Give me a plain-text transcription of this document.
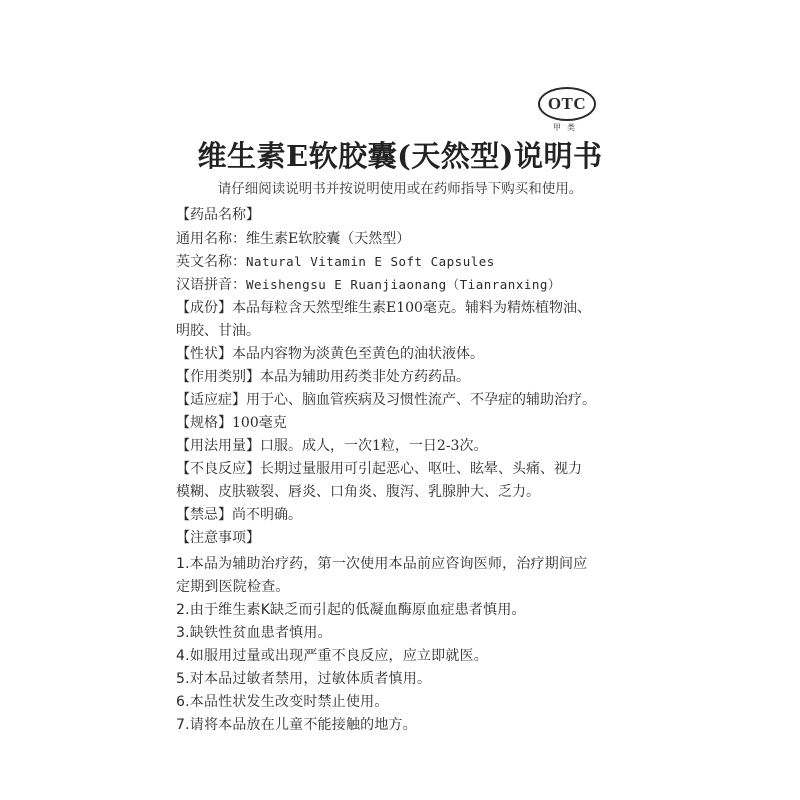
OTC
甲类
维生素E软胶囊(天然型)说明书
请仔细阅读说明书并按说明使用或在药师指导下购买和使用。
【药品名称】
通用名称：维生素E软胶囊（天然型）
英文名称：Natural Vitamin E Soft Capsules
汉语拼音：Weishengsu E Ruanjiaonang（Tianranxing）
【成份】本品每粒含天然型维生素E100毫克。辅料为精炼植物油、
明胶、甘油。
【性状】本品内容物为淡黄色至黄色的油状液体。
【作用类别】本品为辅助用药类非处方药药品。
【适应症】用于心、脑血管疾病及习惯性流产、不孕症的辅助治疗。
【规格】100毫克
【用法用量】口服。成人，一次1粒，一日2-3次。
【不良反应】长期过量服用可引起恶心、呕吐、眩晕、头痛、视力
模糊、皮肤皲裂、唇炎、口角炎、腹泻、乳腺肿大、乏力。
【禁忌】尚不明确。
【注意事项】
1.本品为辅助治疗药，第一次使用本品前应咨询医师，治疗期间应
定期到医院检查。
2.由于维生素K缺乏而引起的低凝血酶原血症患者慎用。
3.缺铁性贫血患者慎用。
4.如服用过量或出现严重不良反应，应立即就医。
5.对本品过敏者禁用，过敏体质者慎用。
6.本品性状发生改变时禁止使用。
7.请将本品放在儿童不能接触的地方。
